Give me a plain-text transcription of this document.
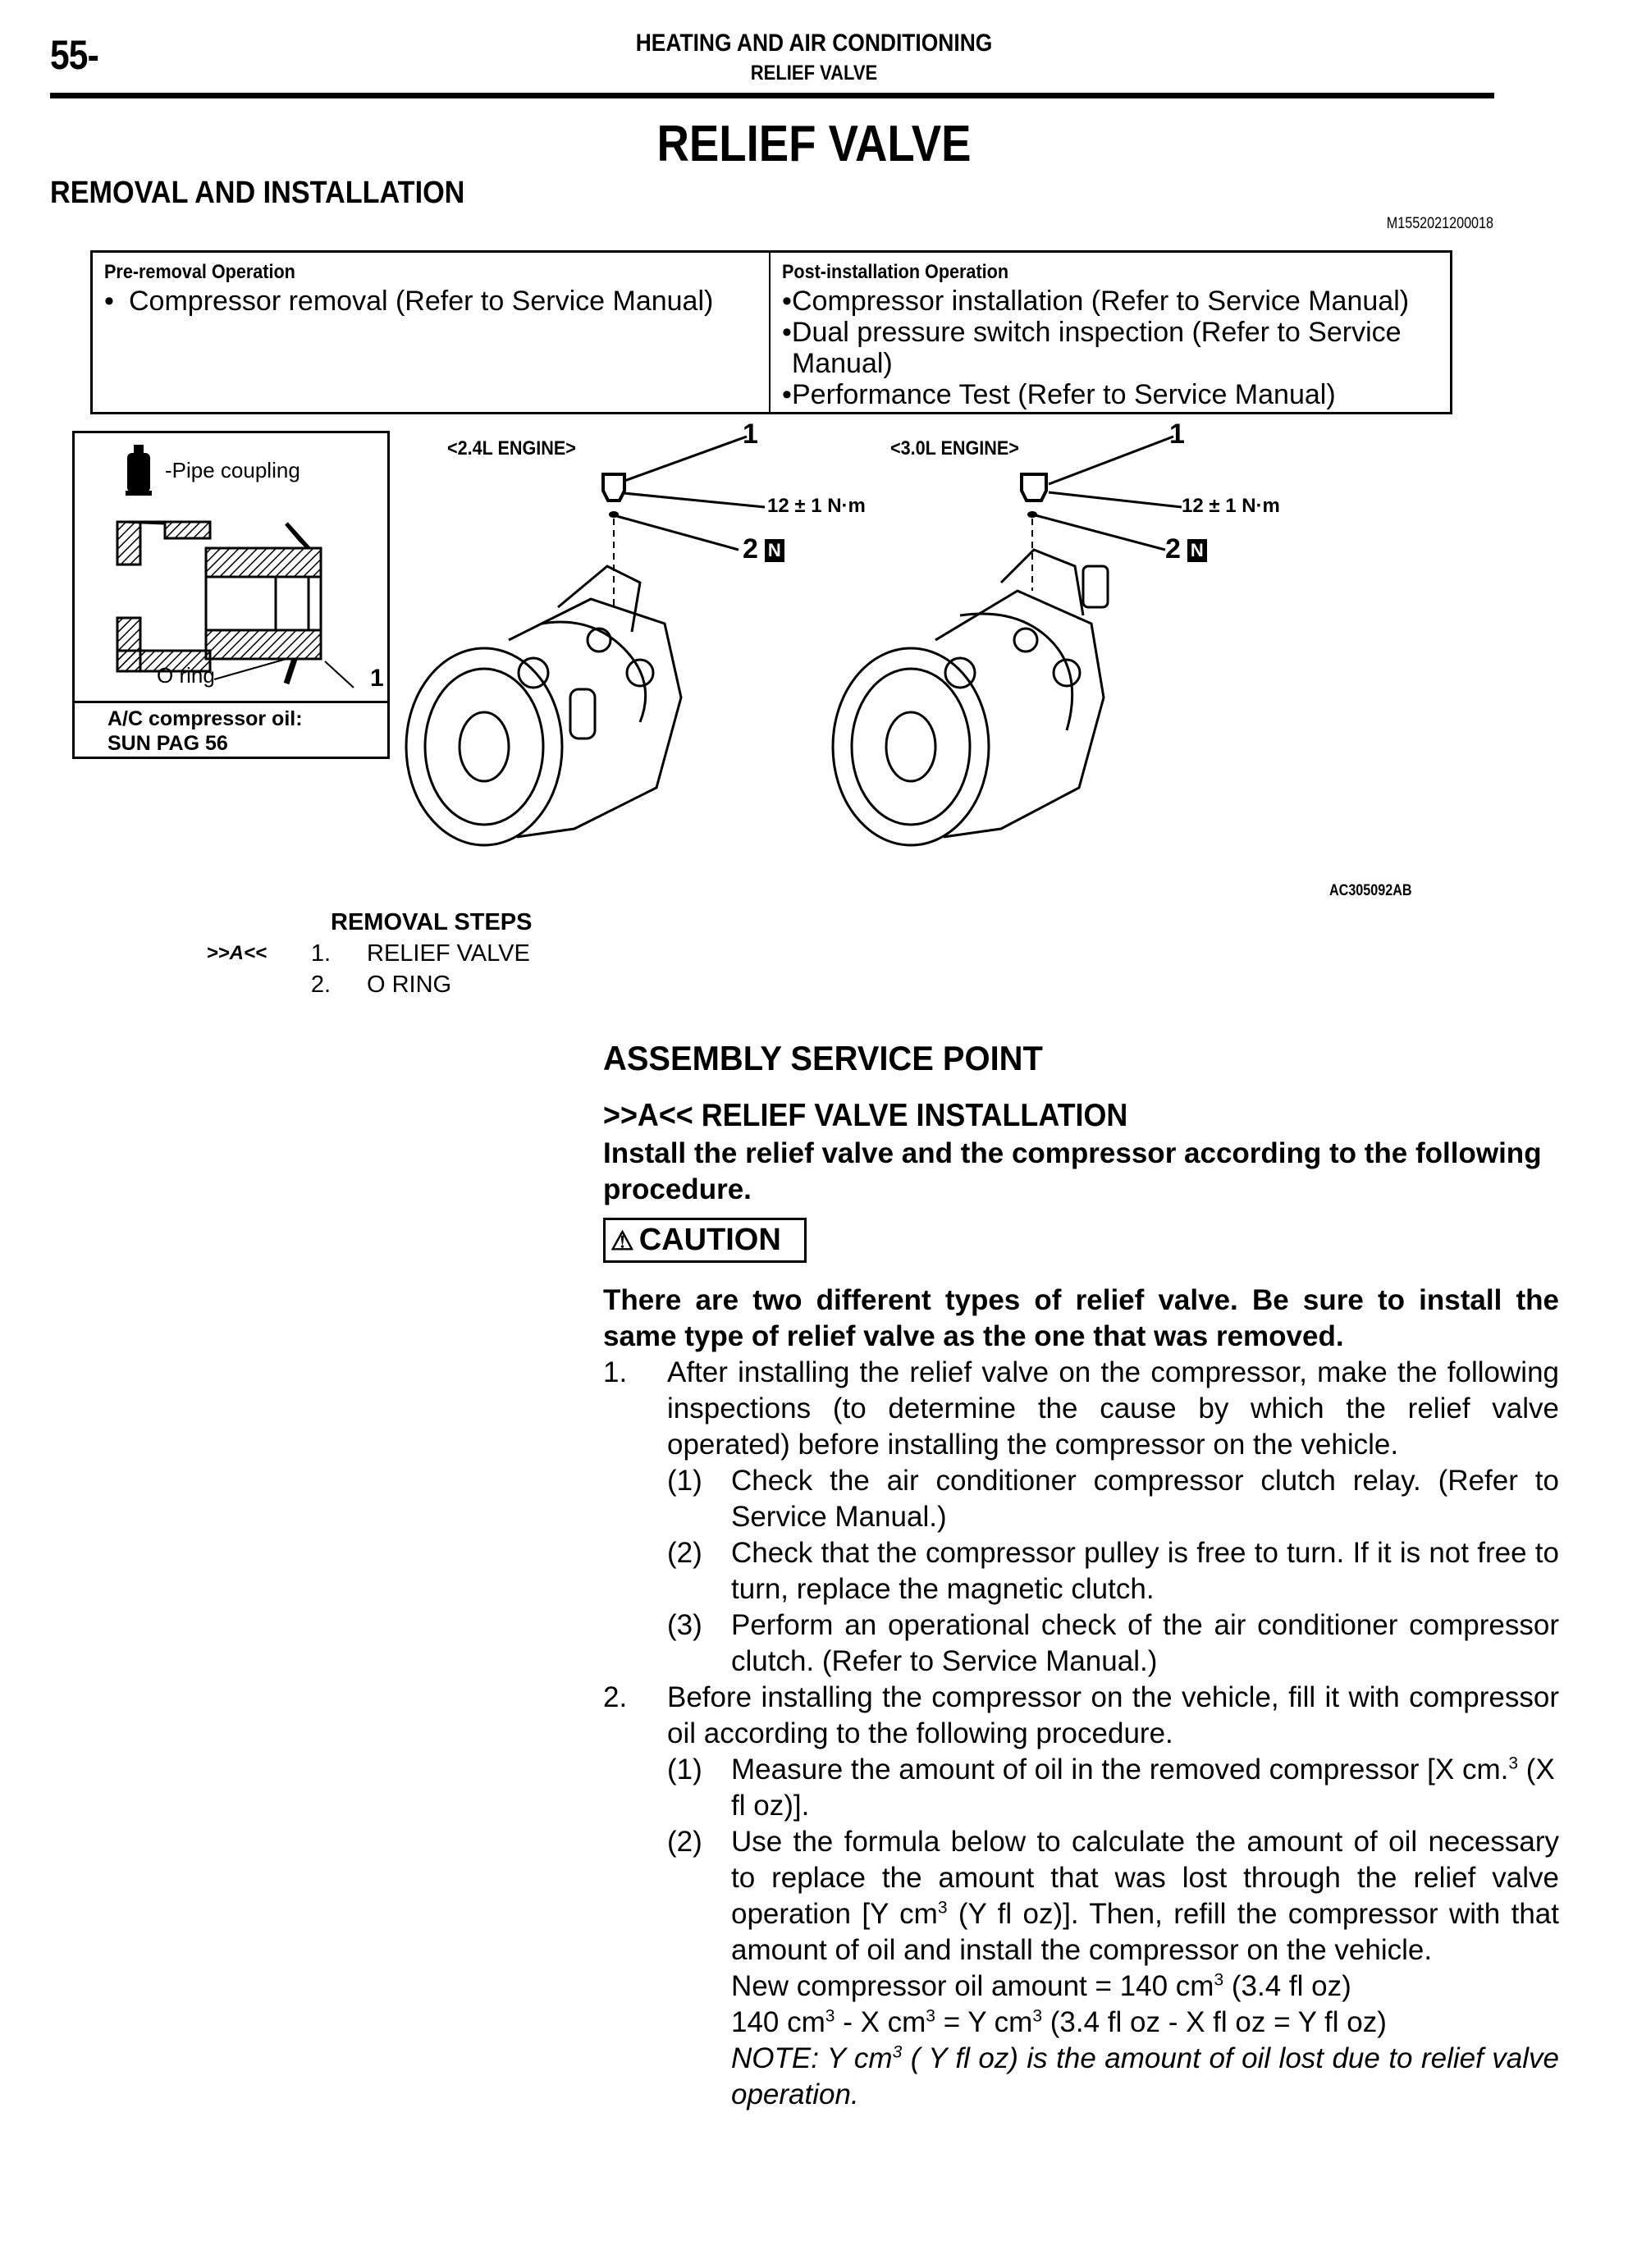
55-	HEATING AND AIR CONDITIONING
RELIEF VALVE
RELIEF VALVE
REMOVAL AND INSTALLATION
M1552021200018
Pre-removal Operation
• Compressor removal (Refer to Service Manual)
Post-installation Operation
• Compressor installation (Refer to Service Manual)
• Dual pressure switch inspection (Refer to Service Manual)
• Performance Test (Refer to Service Manual)
-Pipe coupling
O ring	1
A/C compressor oil:
SUN PAG 56
<2.4L ENGINE>	1
12 ± 1 N·m
2 N
<3.0L ENGINE>	1
12 ± 1 N·m
2 N
AC305092AB
REMOVAL STEPS
>>A<<	1. RELIEF VALVE
2. O RING
ASSEMBLY SERVICE POINT
>>A<< RELIEF VALVE INSTALLATION
Install the relief valve and the compressor according to the following procedure.
⚠ CAUTION
There are two different types of relief valve. Be sure to install the same type of relief valve as the one that was removed.
1.	After installing the relief valve on the compressor, make the following inspections (to determine the cause by which the relief valve operated) before installing the compressor on the vehicle.
(1)	Check the air conditioner compressor clutch relay. (Refer to Service Manual.)
(2)	Check that the compressor pulley is free to turn. If it is not free to turn, replace the magnetic clutch.
(3)	Perform an operational check of the air conditioner compressor clutch. (Refer to Service Manual.)
2.	Before installing the compressor on the vehicle, fill it with compressor oil according to the following procedure.
(1)	Measure the amount of oil in the removed compressor [X cm.$^3$ (X fl oz)].
(2)	Use the formula below to calculate the amount of oil necessary to replace the amount that was lost through the relief valve operation [Y $cm^3$ (Y fl oz)]. Then, refill the compressor with that amount of oil and install the compressor on the vehicle.
New compressor oil amount = 140 $cm^3$ (3.4 fl oz)
140 $cm^3$ - X $cm^3 = Y$ $cm^3$ (3.4 fl oz - X fl oz = Y fl oz)
NOTE: Y $cm^3$ ( Y fl oz) is the amount of oil lost due to relief valve operation.
